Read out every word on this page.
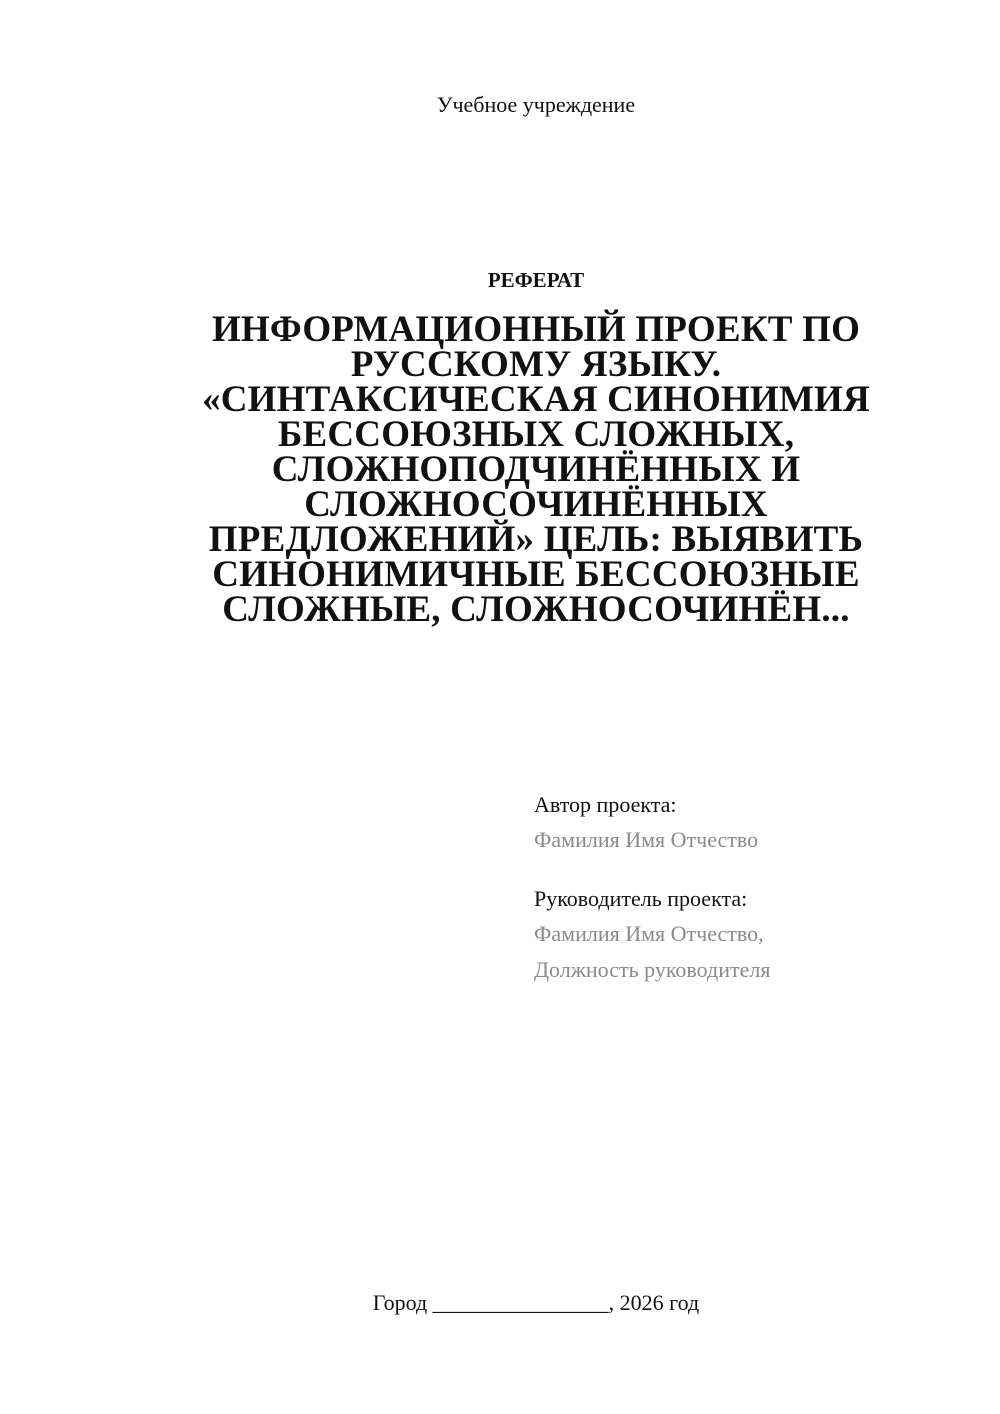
Учебное учреждение
РЕФЕРАТ
ИНФОРМАЦИОННЫЙ ПРОЕКТ ПО РУССКОМУ ЯЗЫКУ. «СИНТАКСИЧЕСКАЯ СИНОНИМИЯ БЕССОЮЗНЫХ СЛОЖНЫХ, СЛОЖНОПОДЧИНЁННЫХ И СЛОЖНОСОЧИНЁННЫХ ПРЕДЛОЖЕНИЙ» ЦЕЛЬ: ВЫЯВИТЬ СИНОНИМИЧНЫЕ БЕССОЮЗНЫЕ СЛОЖНЫЕ, СЛОЖНОСОЧИНЁН...
Автор проекта:
Фамилия Имя Отчество
Руководитель проекта:
Фамилия Имя Отчество,
Должность руководителя
Город ________________, 2026 год
